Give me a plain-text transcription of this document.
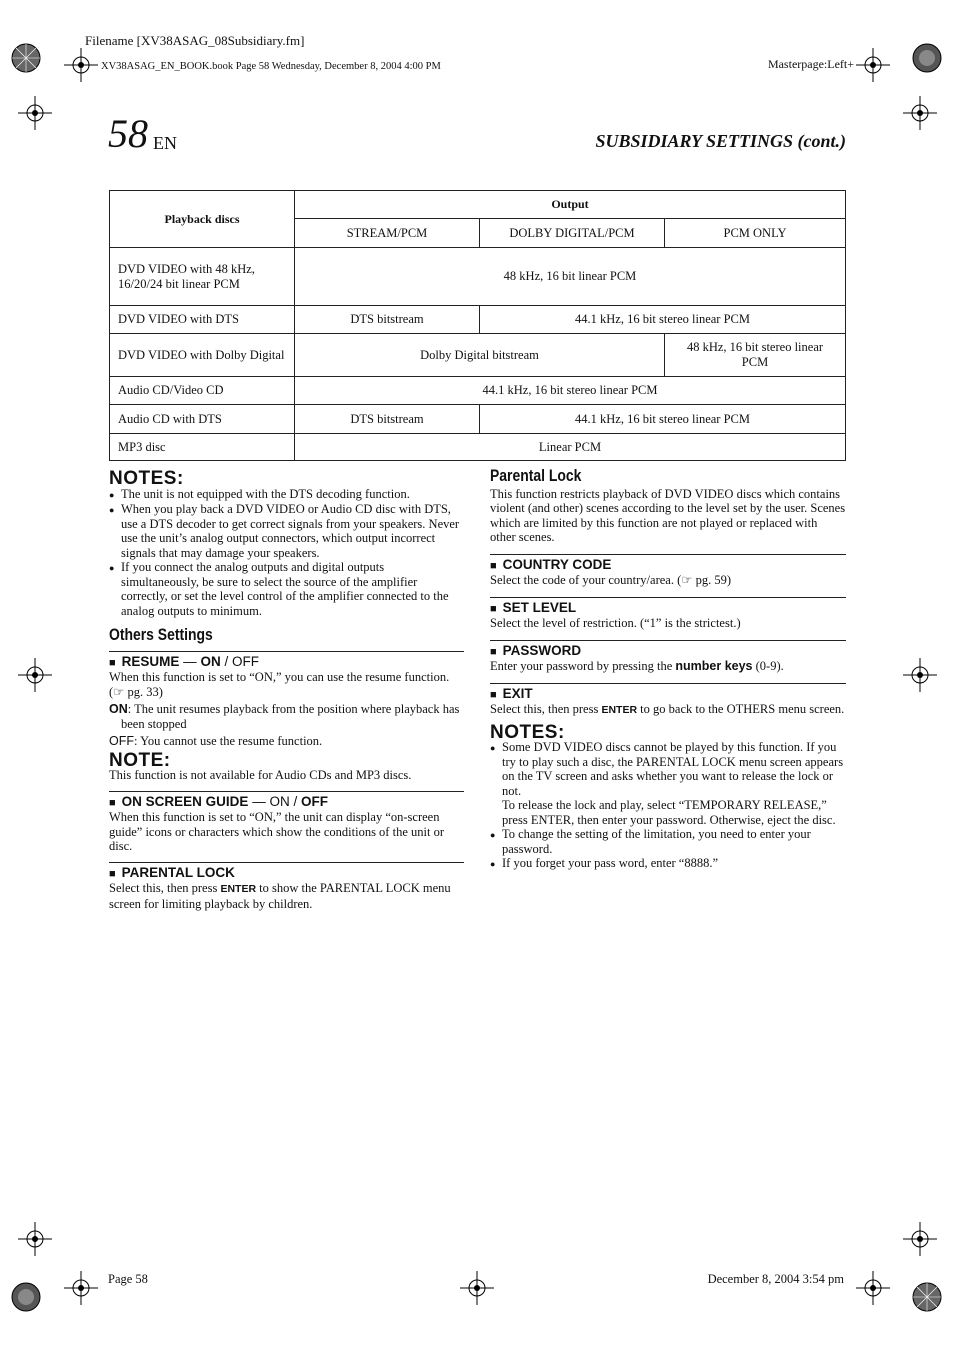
Filename [XV38ASAG_08Subsidiary.fm]
XV38ASAG_EN_BOOK.book Page 58 Wednesday, December 8, 2004 4:00 PM	Masterpage:Left+
58 EN	SUBSIDIARY SETTINGS (cont.)
Playback discs	Output		
	STREAM/PCM	DOLBY DIGITAL/PCM	PCM ONLY
DVD VIDEO with 48 kHz, 16/20/24 bit linear PCM	48 kHz, 16 bit linear PCM		
DVD VIDEO with DTS	DTS bitstream	44.1 kHz, 16 bit stereo linear PCM	
DVD VIDEO with Dolby Digital	Dolby Digital bitstream		48 kHz, 16 bit stereo linear PCM
Audio CD/Video CD	44.1 kHz, 16 bit stereo linear PCM		
Audio CD with DTS	DTS bitstream	44.1 kHz, 16 bit stereo linear PCM	
MP3 disc	Linear PCM		
NOTES:
● The unit is not equipped with the DTS decoding function.
● When you play back a DVD VIDEO or Audio CD disc with DTS, use a DTS decoder to get correct signals from your speakers. Never use the unit’s analog output connectors, which output incorrect signals that may damage your speakers.
● If you connect the analog outputs and digital outputs simultaneously, be sure to select the source of the amplifier correctly, or set the level control of the amplifier connected to the analog outputs to minimum.
Others Settings
■ RESUME — ON / OFF
When this function is set to “ON,” you can use the resume function. (☞ pg. 33)
ON: The unit resumes playback from the position where playback has been stopped
OFF: You cannot use the resume function.
NOTE:
This function is not available for Audio CDs and MP3 discs.
■ ON SCREEN GUIDE — ON / OFF
When this function is set to “ON,” the unit can display “on-screen guide” icons or characters which show the conditions of the unit or disc.
■ PARENTAL LOCK
Select this, then press ENTER to show the PARENTAL LOCK menu screen for limiting playback by children.
Parental Lock
This function restricts playback of DVD VIDEO discs which contains violent (and other) scenes according to the level set by the user. Scenes which are limited by this function are not played or replaced with other scenes.
■ COUNTRY CODE
Select the code of your country/area. (☞ pg. 59)
■ SET LEVEL
Select the level of restriction. (“1” is the strictest.)
■ PASSWORD
Enter your password by pressing the number keys (0-9).
■ EXIT
Select this, then press ENTER to go back to the OTHERS menu screen.
NOTES:
● Some DVD VIDEO discs cannot be played by this function. If you try to play such a disc, the PARENTAL LOCK menu screen appears on the TV screen and asks whether you want to release the lock or not.
To release the lock and play, select “TEMPORARY RELEASE,” press ENTER, then enter your password. Otherwise, eject the disc.
● To change the setting of the limitation, you need to enter your password.
● If you forget your pass word, enter “8888.”
Page 58	December 8, 2004 3:54 pm
